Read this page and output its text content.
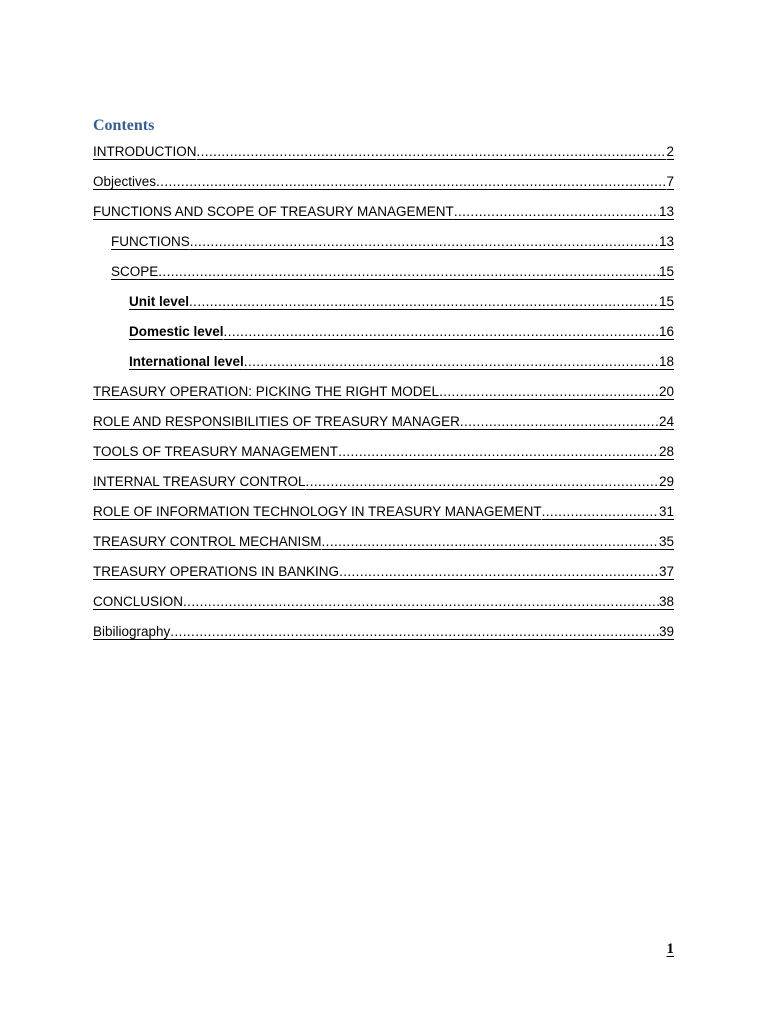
Contents
INTRODUCTION .....	2
Objectives .....	7
FUNCTIONS AND SCOPE OF TREASURY MANAGEMENT .....	13
FUNCTIONS .....	13
SCOPE .....	15
Unit level .....	15
Domestic level .....	16
International level .....	18
TREASURY OPERATION: PICKING THE RIGHT MODEL .....	20
ROLE AND RESPONSIBILITIES OF TREASURY MANAGER .....	24
TOOLS OF TREASURY MANAGEMENT .....	28
INTERNAL TREASURY CONTROL .....	29
ROLE OF INFORMATION TECHNOLOGY IN TREASURY MANAGEMENT .....	31
TREASURY CONTROL MECHANISM .....	35
TREASURY OPERATIONS IN BANKING .....	37
CONCLUSION .....	38
Bibiliography .....	39
1
